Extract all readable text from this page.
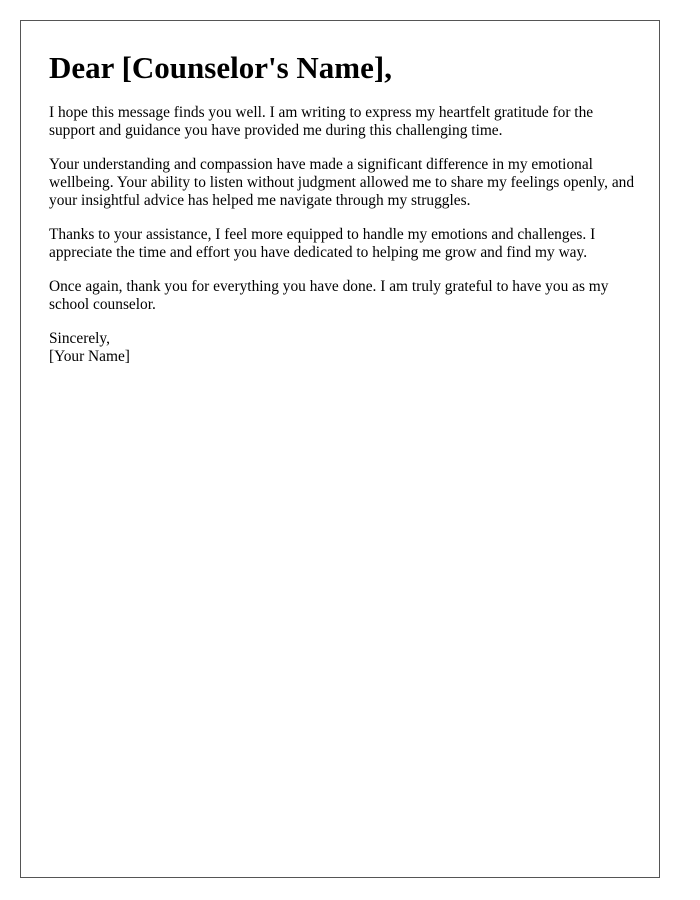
Dear [Counselor's Name],

I hope this message finds you well. I am writing to express my heartfelt gratitude for the support and guidance you have provided me during this challenging time.

Your understanding and compassion have made a significant difference in my emotional wellbeing. Your ability to listen without judgment allowed me to share my feelings openly, and your insightful advice has helped me navigate through my struggles.

Thanks to your assistance, I feel more equipped to handle my emotions and challenges. I appreciate the time and effort you have dedicated to helping me grow and find my way.

Once again, thank you for everything you have done. I am truly grateful to have you as my school counselor.

Sincerely,
[Your Name]
